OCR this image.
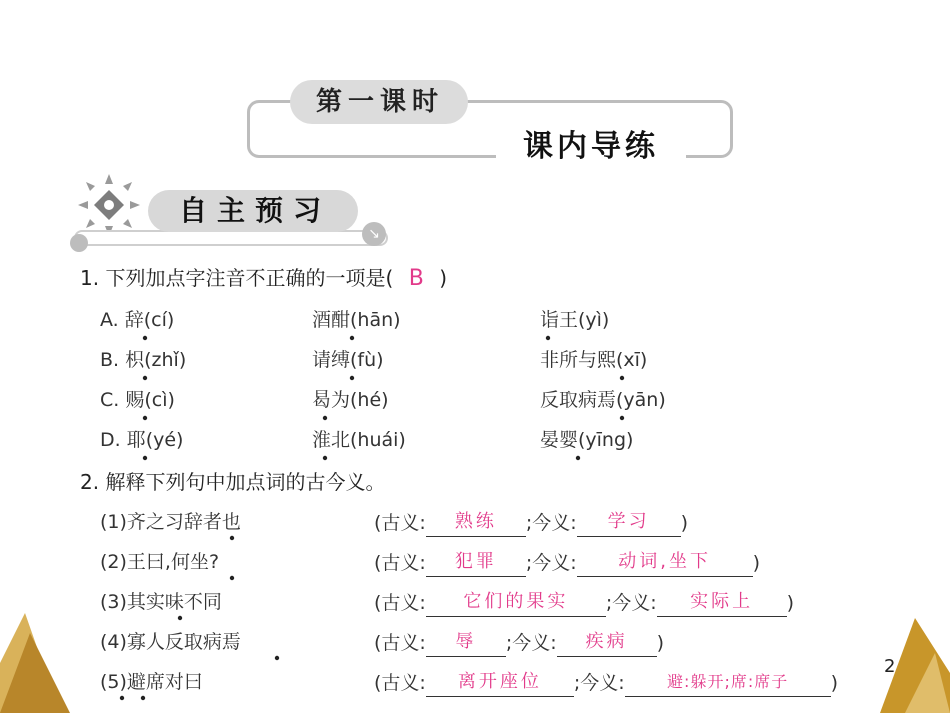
第一课时
课内导练
↘
自主预习
1. 下列加点字注音不正确的一项是( B )
A. 辞(cí)	酒酣(hān)	诣王(yì)
B. 枳(zhǐ)	请缚(fù)	非所与熙(xī)
C. 赐(cì)	曷为(hé)	反取病焉(yān)
D. 耶(yé)	淮北(huái)	晏婴(yīng)
2. 解释下列句中加点词的古今义。
(1)齐之习辞者也	(古义: 熟练 ;今义: 学习 )
(2)王曰,何坐?	(古义: 犯罪 ;今义: 动词,坐下 )
(3)其实味不同	(古义: 它们的果实 ;今义: 实际上 )
(4)寡人反取病焉	(古义: 辱 ;今义: 疾病 )
(5)避席对曰	(古义: 离开座位 ;今义:	避:躲开;席:席子 )
2
